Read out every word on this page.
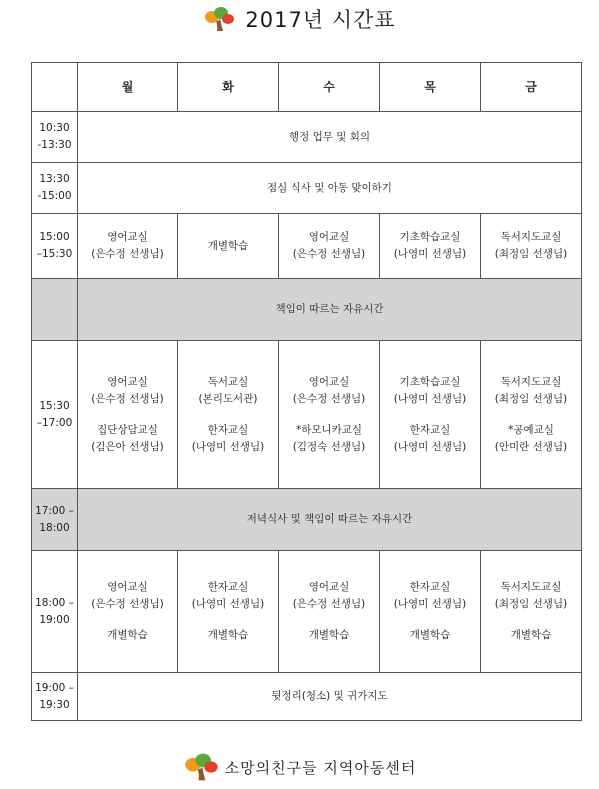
2017년 시간표
	월	화	수	목	금

10:30
-13:30	행정 업무 및 회의				

13:30
-15:00	점심 식사 및 아동 맞이하기				

15:00
–15:30	영어교실
(은수정 선생님)	개별학습	영어교실
(은수정 선생님)	기초학습교실
(나영미 선생님)	독서지도교실
(최정임 선생님)

	책임이 따르는 자유시간				

15:30
–17:00	영어교실
(은수정 선생님)
집단상담교실
(김은아 선생님)	독서교실
(본리도서관)
한자교실
(나영미 선생님)	영어교실
(은수정 선생님)
*하모니카교실
(김정숙 선생님)	기초학습교실
(나영미 선생님)
한자교실
(나영미 선생님)	독서지도교실
(최정임 선생님)
*공예교실
(안미란 선생님)

17:00 –
18:00	저녁식사 및 책임이 따르는 자유시간				

18:00 –
19:00	영어교실
(은수정 선생님)
개별학습	한자교실
(나영미 선생님)
개별학습	영어교실
(은수정 선생님)
개별학습	한자교실
(나영미 선생님)
개별학습	독서지도교실
(최정임 선생님)
개별학습

19:00 –
19:30	뒷정리(청소) 및 귀가지도				
소망의친구들 지역아동센터
